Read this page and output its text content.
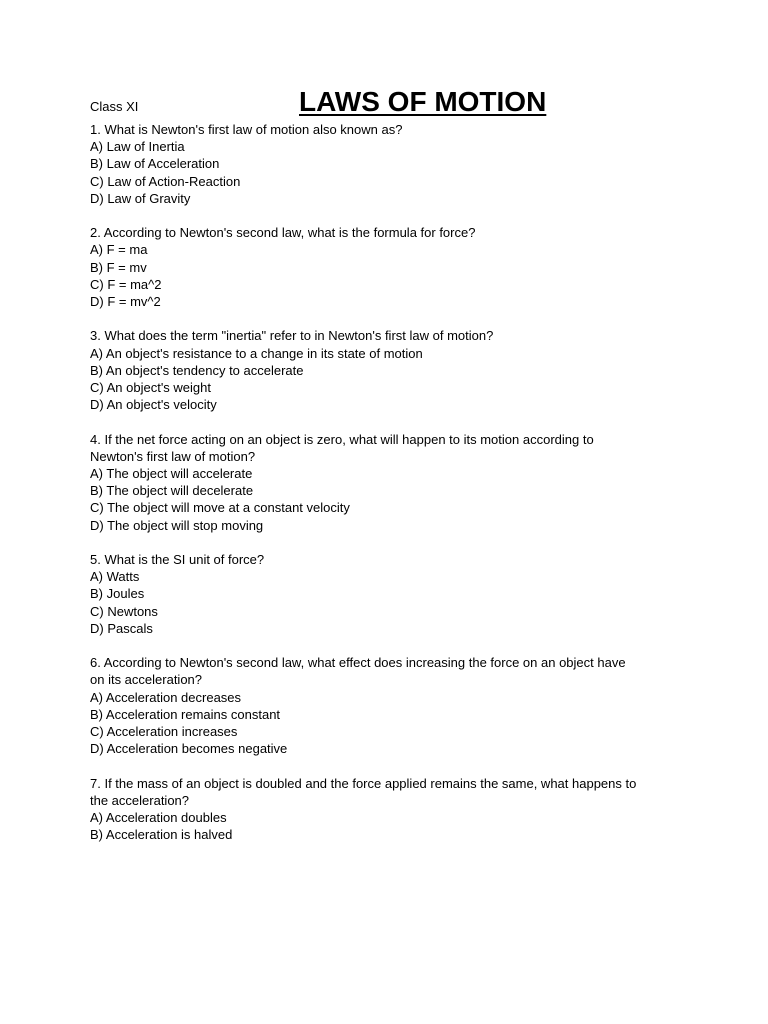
Class XI	LAWS OF MOTION
1. What is Newton's first law of motion also known as?
A) Law of Inertia
B) Law of Acceleration
C) Law of Action-Reaction
D) Law of Gravity
2. According to Newton's second law, what is the formula for force?
A) F = ma
B) F = mv
C) F = ma^2
D) F = mv^2
3. What does the term "inertia" refer to in Newton's first law of motion?
A) An object's resistance to a change in its state of motion
B) An object's tendency to accelerate
C) An object's weight
D) An object's velocity
4. If the net force acting on an object is zero, what will happen to its motion according to
Newton's first law of motion?
A) The object will accelerate
B) The object will decelerate
C) The object will move at a constant velocity
D) The object will stop moving
5. What is the SI unit of force?
A) Watts
B) Joules
C) Newtons
D) Pascals
6. According to Newton's second law, what effect does increasing the force on an object have
on its acceleration?
A) Acceleration decreases
B) Acceleration remains constant
C) Acceleration increases
D) Acceleration becomes negative
7. If the mass of an object is doubled and the force applied remains the same, what happens to
the acceleration?
A) Acceleration doubles
B) Acceleration is halved
